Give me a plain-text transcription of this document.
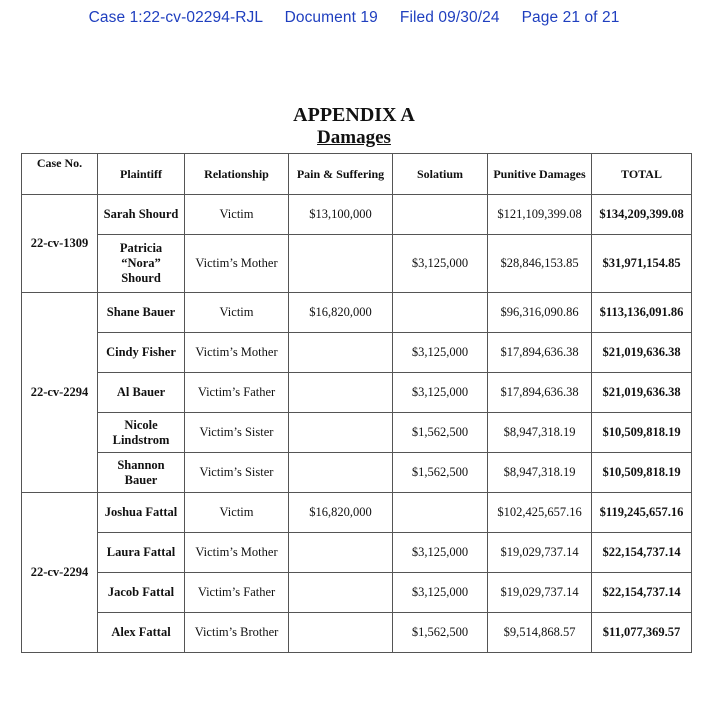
Case 1:22-cv-02294-RJL Document 19 Filed 09/30/24 Page 21 of 21
APPENDIX A
Damages
Case No.	Plaintiff	Relationship	Pain & Suffering	Solatium	Punitive Damages	TOTAL
22-cv-1309	Sarah Shourd	Victim	$13,100,000		$121,109,399.08	$134,209,399.08
	Patricia “Nora” Shourd	Victim’s Mother		$3,125,000	$28,846,153.85	$31,971,154.85
22-cv-2294	Shane Bauer	Victim	$16,820,000		$96,316,090.86	$113,136,091.86
	Cindy Fisher	Victim’s Mother		$3,125,000	$17,894,636.38	$21,019,636.38
	Al Bauer	Victim’s Father		$3,125,000	$17,894,636.38	$21,019,636.38
	Nicole Lindstrom	Victim’s Sister		$1,562,500	$8,947,318.19	$10,509,818.19
	Shannon Bauer	Victim’s Sister		$1,562,500	$8,947,318.19	$10,509,818.19
22-cv-2294	Joshua Fattal	Victim	$16,820,000		$102,425,657.16	$119,245,657.16
	Laura Fattal	Victim’s Mother		$3,125,000	$19,029,737.14	$22,154,737.14
	Jacob Fattal	Victim’s Father		$3,125,000	$19,029,737.14	$22,154,737.14
	Alex Fattal	Victim’s Brother		$1,562,500	$9,514,868.57	$11,077,369.57
